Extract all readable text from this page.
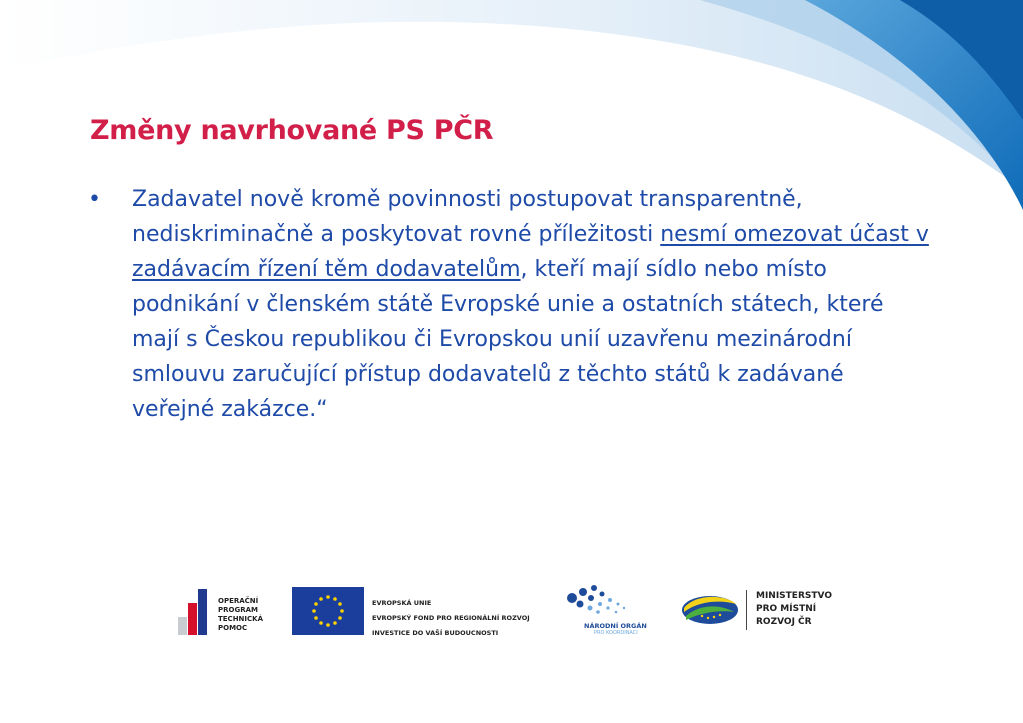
Změny navrhované PS PČR
• Zadavatel nově kromě povinnosti postupovat transparentně, nediskriminačně a poskytovat rovné příležitosti nesmí omezovat účast v zadávacím řízení těm dodavatelům, kteří mají sídlo nebo místo podnikání v členském státě Evropské unie a ostatních státech, které mají s Českou republikou či Evropskou unií uzavřenu mezinárodní smlouvu zaručující přístup dodavatelů z těchto států k zadávané veřejné zakázce.“
OPERAČNÍ
PROGRAM
TECHNICKÁ
POMOC
EVROPSKÁ UNIE
EVROPSKÝ FOND PRO REGIONÁLNÍ ROZVOJ
INVESTICE DO VAŠÍ BUDOUCNOSTI
NÁRODNÍ ORGÁN
PRO KOORDINACI
MINISTERSTVO
PRO MÍSTNÍ
ROZVOJ ČR
